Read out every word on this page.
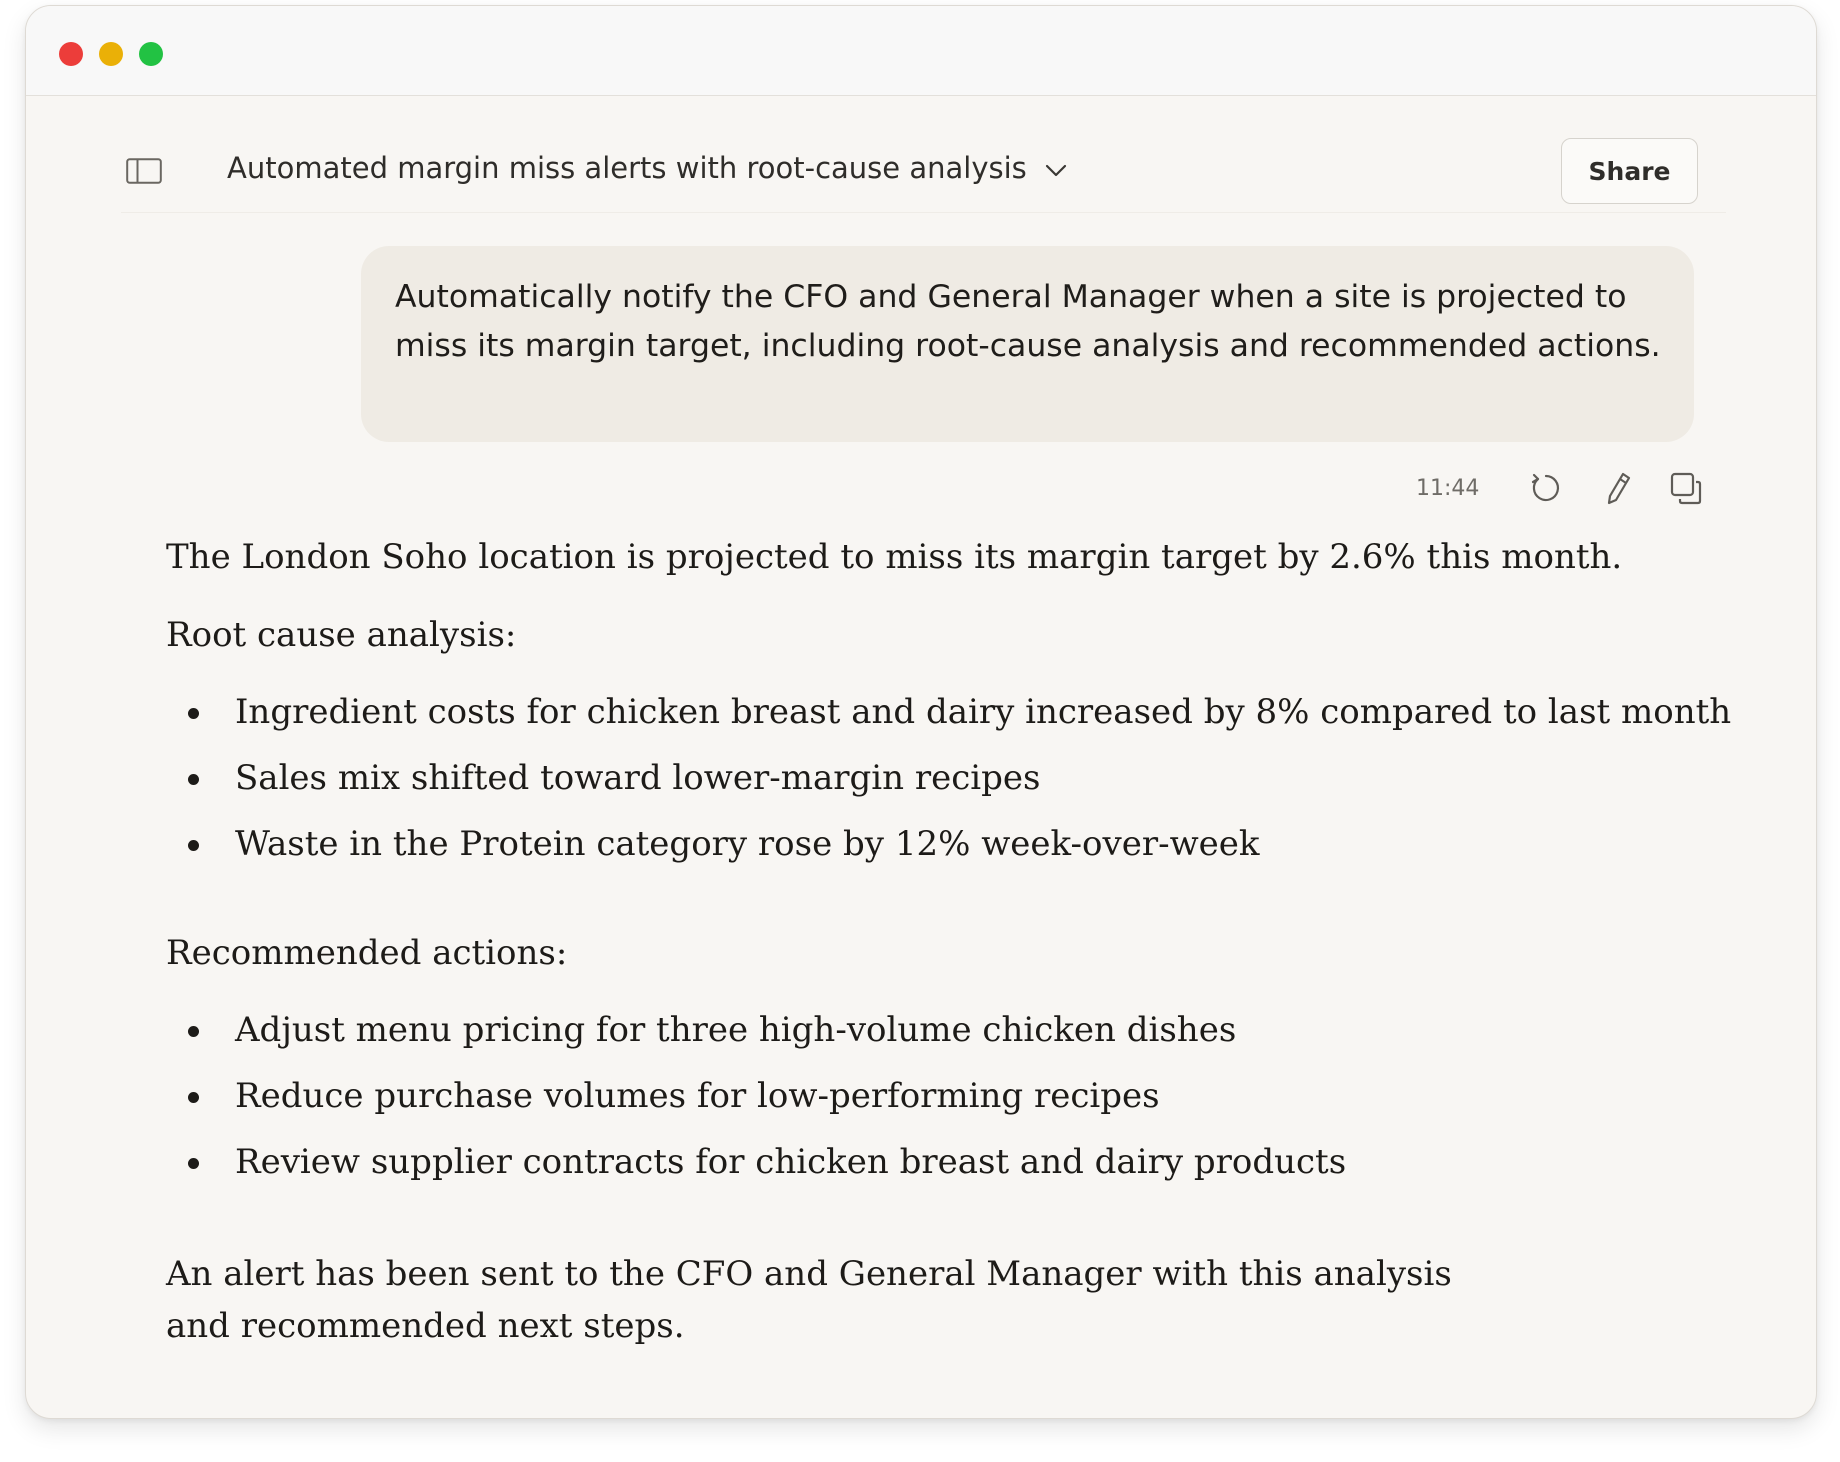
Automated margin miss alerts with root-cause analysis	Share
Automatically notify the CFO and General Manager when a site is projected to miss its margin target, including root-cause analysis and recommended actions.
11:44

The London Soho location is projected to miss its margin target by 2.6% this month.

Root cause analysis:

Ingredient costs for chicken breast and dairy increased by 8% compared to last month
Sales mix shifted toward lower-margin recipes
Waste in the Protein category rose by 12% week-over-week

Recommended actions:

Adjust menu pricing for three high-volume chicken dishes
Reduce purchase volumes for low-performing recipes
Review supplier contracts for chicken breast and dairy products

An alert has been sent to the CFO and General Manager with this analysis and recommended next steps.
